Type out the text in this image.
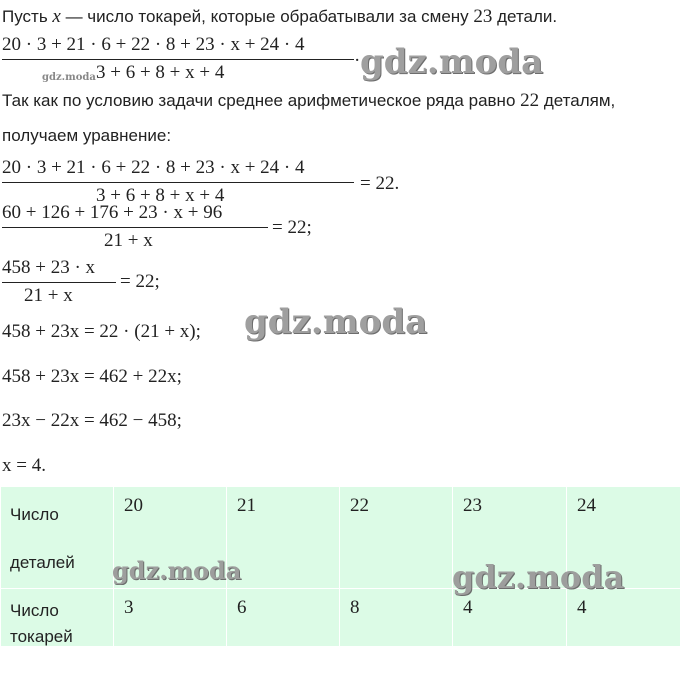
Пусть x — число токарей, которые обрабатывали за смену 23 детали.
20 · 3 + 21 · 6 + 22 · 8 + 23 · x + 24 · 4
3 + 6 + 8 + x + 4
·
gdz.moda	gdz.moda
Так как по условию задачи среднее арифметическое ряда равно 22 деталям,
получаем уравнение:
20 · 3 + 21 · 6 + 22 · 8 + 23 · x + 24 · 4
3 + 6 + 8 + x + 4
= 22.
60 + 126 + 176 + 23 · x + 96
21 + x
= 22;
458 + 23 · x
21 + x
= 22;
458 + 23x = 22 · (21 + x); gdz.moda
458 + 23x = 462 + 22x;
23x − 22x = 462 − 458;
x = 4.
Число
деталей	20	21	22	23	24

Число
токарей	3	6	8	4	4
gdz.moda	gdz.moda
